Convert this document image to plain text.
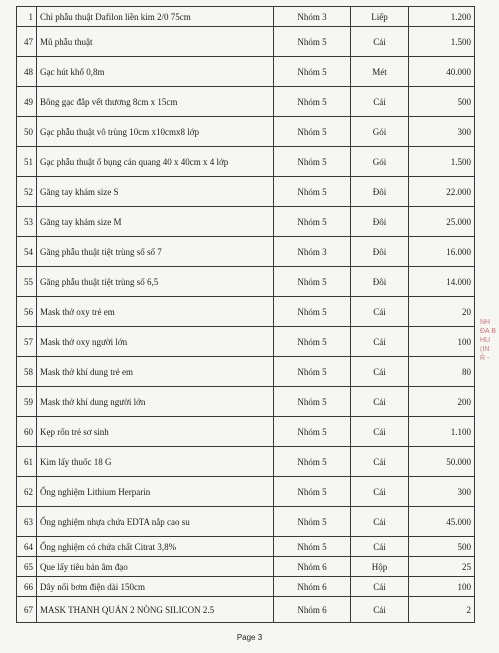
1	Chỉ phẫu thuật Dafilon liền kim 2/0 75cm	Nhóm 3	Liếp	1.200
47	Mũ phẫu thuật	Nhóm 5	Cái	1.500
48	Gạc hút khổ 0,8m	Nhóm 5	Mét	40.000
49	Bông gạc đắp vết thương 8cm x 15cm	Nhóm 5	Cái	500
50	Gạc phẫu thuật vô trùng 10cm x10cmx8 lớp	Nhóm 5	Gói	300
51	Gạc phẫu thuật ổ bụng cản quang 40 x 40cm x 4 lớp	Nhóm 5	Gói	1.500
52	Găng tay khám size S	Nhóm 5	Đôi	22.000
53	Găng tay khám size M	Nhóm 5	Đôi	25.000
54	Găng phẫu thuật tiệt trùng số số 7	Nhóm 3	Đôi	16.000
55	Găng phẫu thuật tiệt trùng số 6,5	Nhóm 5	Đôi	14.000
56	Mask thở oxy trẻ em	Nhóm 5	Cái	20
57	Mask thở oxy người lớn	Nhóm 5	Cái	100
58	Mask thở khí dung trẻ em	Nhóm 5	Cái	80
59	Mask thở khí dung người lớn	Nhóm 5	Cái	200
60	Kẹp rốn trẻ sơ sinh	Nhóm 5	Cái	1.100
61	Kim lấy thuốc 18 G	Nhóm 5	Cái	50.000
62	Ống nghiệm Lithium Herparin	Nhóm 5	Cái	300
63	Ống nghiệm nhựa chứa EDTA nắp cao su	Nhóm 5	Cái	45.000
64	Ống nghiệm có chứa chất Citrat 3,8%	Nhóm 5	Cái	500
65	Que lấy tiêu bản âm đạo	Nhóm 6	Hộp	25
66	Dây nối bơm điện dài 150cm	Nhóm 6	Cái	100
67	MASK THANH QUẢN 2 NÒNG SILICON 2.5	Nhóm 6	Cái	2
NH
ĐA B
HU
(IN
Ŕ -
Page 3
